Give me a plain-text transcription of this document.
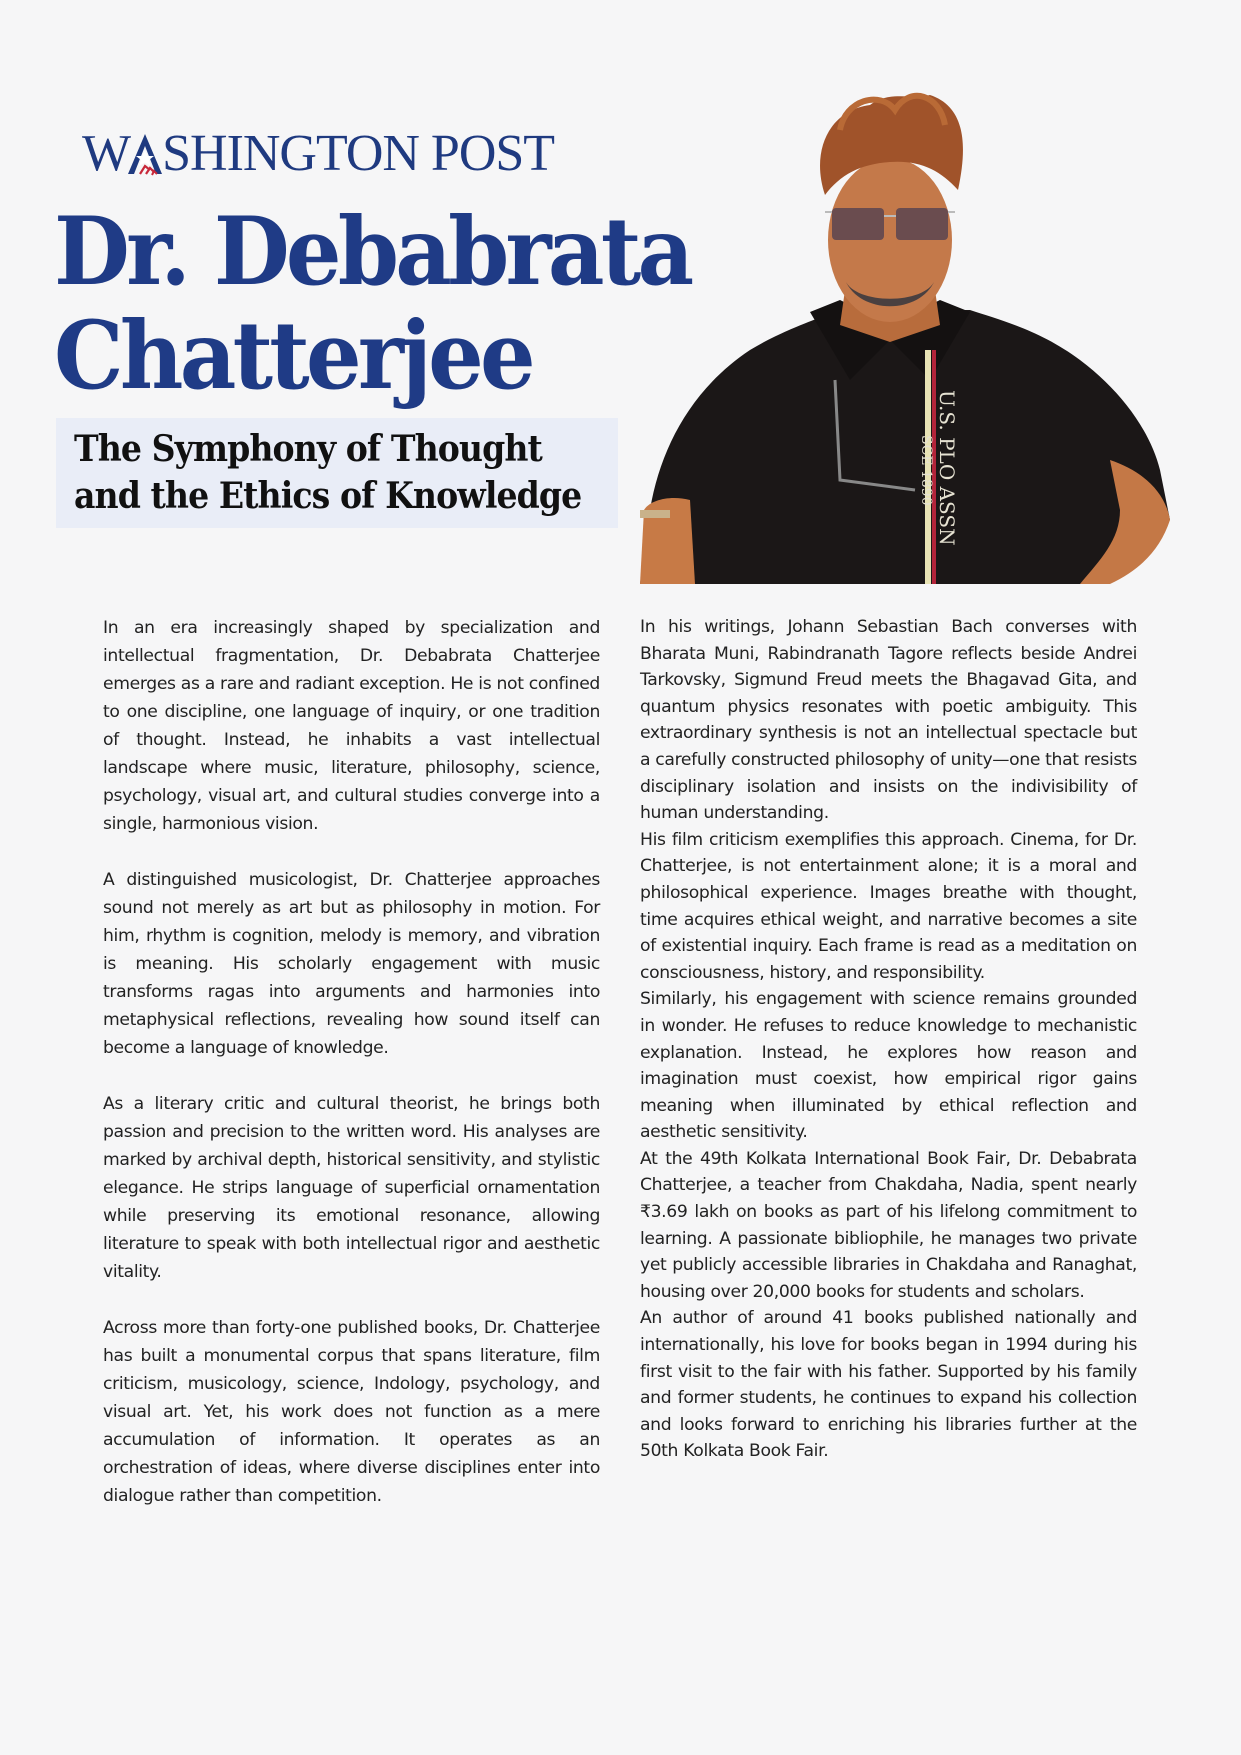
W SHINGTON POST
Dr. Debabrata
Chatterjee
The Symphony of Thought
and the Ethics of Knowledge	U.S. PLO ASSN
SCE 1890

In an era increasingly shaped by specialization and intellectual fragmentation, Dr. Debabrata Chatterjee emerges as a rare and radiant exception. He is not confined to one discipline, one language of inquiry, or one tradition of thought. Instead, he inhabits a vast intellectual landscape where music, literature, philosophy, science, psychology, visual art, and cultural studies converge into a single, harmonious vision.

A distinguished musicologist, Dr. Chatterjee approaches sound not merely as art but as philosophy in motion. For him, rhythm is cognition, melody is memory, and vibration is meaning. His scholarly engagement with music transforms ragas into arguments and harmonies into metaphysical reflections, revealing how sound itself can become a language of knowledge.

As a literary critic and cultural theorist, he brings both passion and precision to the written word. His analyses are marked by archival depth, historical sensitivity, and stylistic elegance. He strips language of superficial ornamentation while preserving its emotional resonance, allowing literature to speak with both intellectual rigor and aesthetic vitality.

Across more than forty-one published books, Dr. Chatterjee has built a monumental corpus that spans literature, film criticism, musicology, science, Indology, psychology, and visual art. Yet, his work does not function as a mere accumulation of information. It operates as an orchestration of ideas, where diverse disciplines enter into dialogue rather than competition.

In his writings, Johann Sebastian Bach converses with Bharata Muni, Rabindranath Tagore reflects beside Andrei Tarkovsky, Sigmund Freud meets the Bhagavad Gita, and quantum physics resonates with poetic ambiguity. This extraordinary synthesis is not an intellectual spectacle but a carefully constructed philosophy of unity—one that resists disciplinary isolation and insists on the indivisibility of human understanding.

His film criticism exemplifies this approach. Cinema, for Dr. Chatterjee, is not entertainment alone; it is a moral and philosophical experience. Images breathe with thought, time acquires ethical weight, and narrative becomes a site of existential inquiry. Each frame is read as a meditation on consciousness, history, and responsibility.

Similarly, his engagement with science remains grounded in wonder. He refuses to reduce knowledge to mechanistic explanation. Instead, he explores how reason and imagination must coexist, how empirical rigor gains meaning when illuminated by ethical reflection and aesthetic sensitivity.

At the 49th Kolkata International Book Fair, Dr. Debabrata Chatterjee, a teacher from Chakdaha, Nadia, spent nearly ₹3.69 lakh on books as part of his lifelong commitment to learning. A passionate bibliophile, he manages two private yet publicly accessible libraries in Chakdaha and Ranaghat, housing over 20,000 books for students and scholars.

An author of around 41 books published nationally and internationally, his love for books began in 1994 during his first visit to the fair with his father. Supported by his family and former students, he continues to expand his collection and looks forward to enriching his libraries further at the 50th Kolkata Book Fair.
